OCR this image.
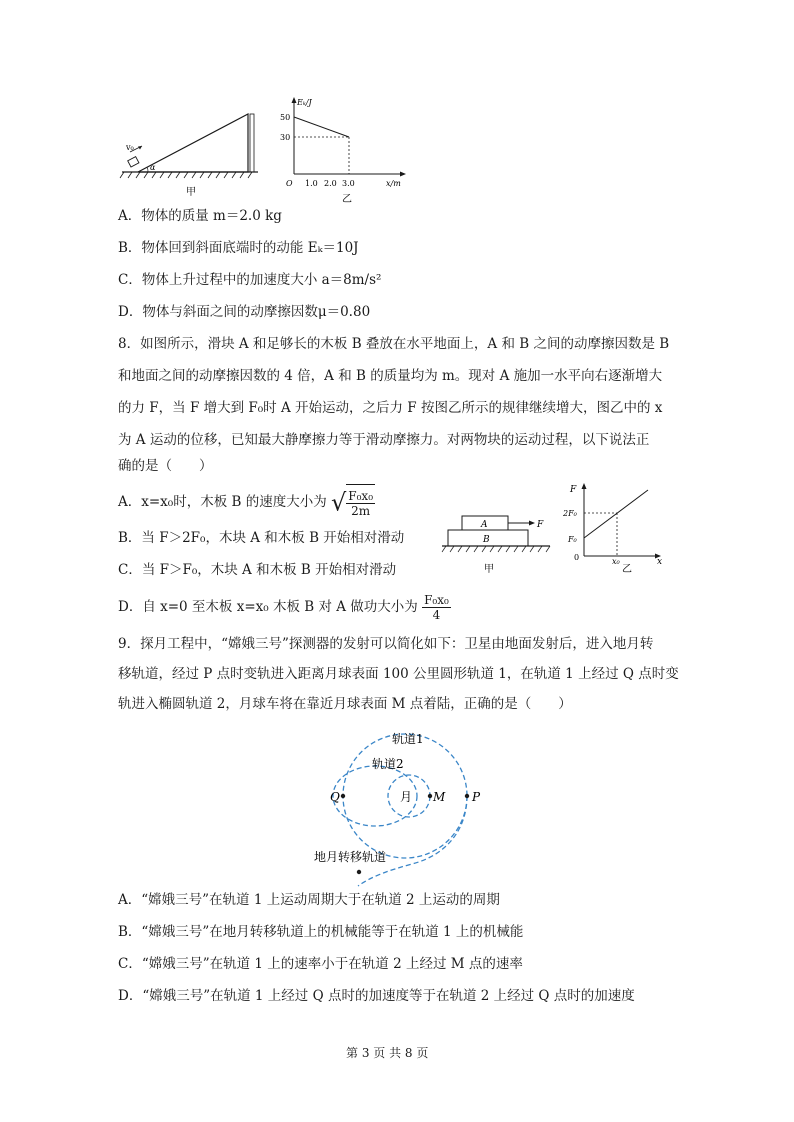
v₀
α
甲
Eₖ/J
50
30
O 1.0 2.0 3.0	x/m
乙
A．物体的质量 m＝2.0 kg
B．物体回到斜面底端时的动能 Eₖ＝10J
C．物体上升过程中的加速度大小 a＝8m/s²
D．物体与斜面之间的动摩擦因数μ＝0.80
8．如图所示，滑块 A 和足够长的木板 B 叠放在水平地面上，A 和 B 之间的动摩擦因数是 B
和地面之间的动摩擦因数的 4 倍，A 和 B 的质量均为 m。现对 A 施加一水平向右逐渐增大
的力 F，当 F 增大到 F₀时 A 开始运动，之后力 F 按图乙所示的规律继续增大，图乙中的 x
为 A 运动的位移，已知最大静摩擦力等于滑动摩擦力。对两物块的运动过程，以下说法正
确的是（　　）
A．x=x₀时，木板 B 的速度大小为 √ $\frac{\text{F₀x₀}}{2m}$
B．当 F＞2F₀，木块 A 和木板 B 开始相对滑动
C．当 F＞F₀，木块 A 和木板 B 开始相对滑动
D．自 x=0 至木板 x=x₀ 木板 B 对 A 做功大小为 $\frac{\text{F₀x₀}}{4}$
A	F
B
甲
F
2F₀
F₀
0	x₀	x
乙
9．探月工程中，“嫦娥三号”探测器的发射可以简化如下：卫星由地面发射后，进入地月转
移轨道，经过 P 点时变轨进入距离月球表面 100 公里圆形轨道 1，在轨道 1 上经过 Q 点时变
轨进入椭圆轨道 2，月球车将在靠近月球表面 M 点着陆，正确的是（　　）
轨道1
轨道2
月
Q	M P
地月转移轨道
A．“嫦娥三号”在轨道 1 上运动周期大于在轨道 2 上运动的周期
B．“嫦娥三号”在地月转移轨道上的机械能等于在轨道 1 上的机械能
C．“嫦娥三号”在轨道 1 上的速率小于在轨道 2 上经过 M 点的速率
D．“嫦娥三号”在轨道 1 上经过 Q 点时的加速度等于在轨道 2 上经过 Q 点时的加速度
第 3 页 共 8 页
